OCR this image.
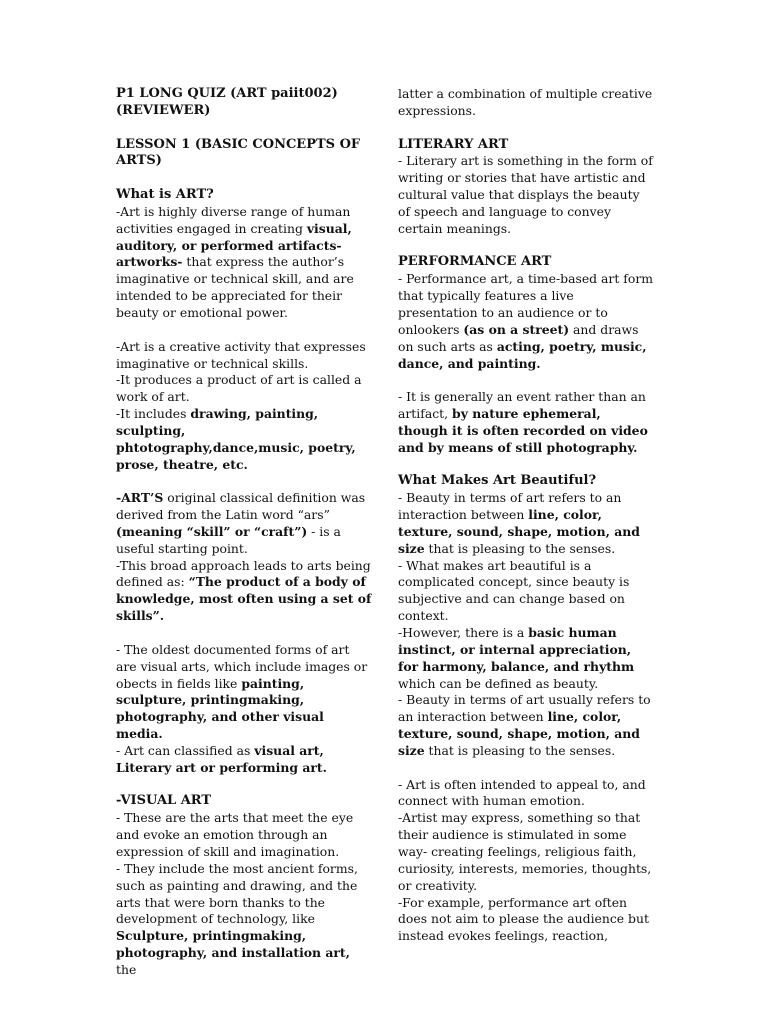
P1 LONG QUIZ (ART paiit002)(REVIEWER)

LESSON 1 (BASIC CONCEPTS OF ARTS)

What is ART?

-Art is highly diverse range of human activities engaged in creating visual, auditory, or performed artifacts-artworks- that express the author’s imaginative or technical skill, and are intended to be appreciated for their beauty or emotional power.

-Art is a creative activity that expresses imaginative or technical skills.

-It produces a product of art is called a work of art.

-It includes drawing, painting, sculpting, phtotography,dance,music, poetry, prose, theatre, etc.

-ART’S original classical definition was derived from the Latin word “ars” (meaning “skill” or “craft”) - is a useful starting point.

-This broad approach leads to arts being defined as: “The product of a body of knowledge, most often using a set of skills”.

- The oldest documented forms of art are visual arts, which include images or obects in fields like painting, sculpture, printingmaking, photography, and other visual media.

- Art can classified as visual art, Literary art or performing art.

-VISUAL ART

- These are the arts that meet the eye and evoke an emotion through an expression of skill and imagination.

- They include the most ancient forms, such as painting and drawing, and the arts that were born thanks to the development of technology, like Sculpture, printingmaking, photography, and installation art, the

latter a combination of multiple creative expressions.

LITERARY ART

- Literary art is something in the form of writing or stories that have artistic and cultural value that displays the beauty of speech and language to convey certain meanings.

PERFORMANCE ART

- Performance art, a time-based art form that typically features a live presentation to an audience or to onlookers (as on a street) and draws on such arts as acting, poetry, music, dance, and painting.

- It is generally an event rather than an artifact, by nature ephemeral, though it is often recorded on video and by means of still photography.

What Makes Art Beautiful?

- Beauty in terms of art refers to an interaction between line, color, texture, sound, shape, motion, and size that is pleasing to the senses.

- What makes art beautiful is a complicated concept, since beauty is subjective and can change based on context.

-However, there is a basic human instinct, or internal appreciation, for harmony, balance, and rhythm which can be defined as beauty.

- Beauty in terms of art usually refers to an interaction between line, color, texture, sound, shape, motion, and size that is pleasing to the senses.

- Art is often intended to appeal to, and connect with human emotion.

-Artist may express, something so that their audience is stimulated in some way- creating feelings, religious faith, curiosity, interests, memories, thoughts, or creativity.

-For example, performance art often does not aim to please the audience but instead evokes feelings, reaction,
